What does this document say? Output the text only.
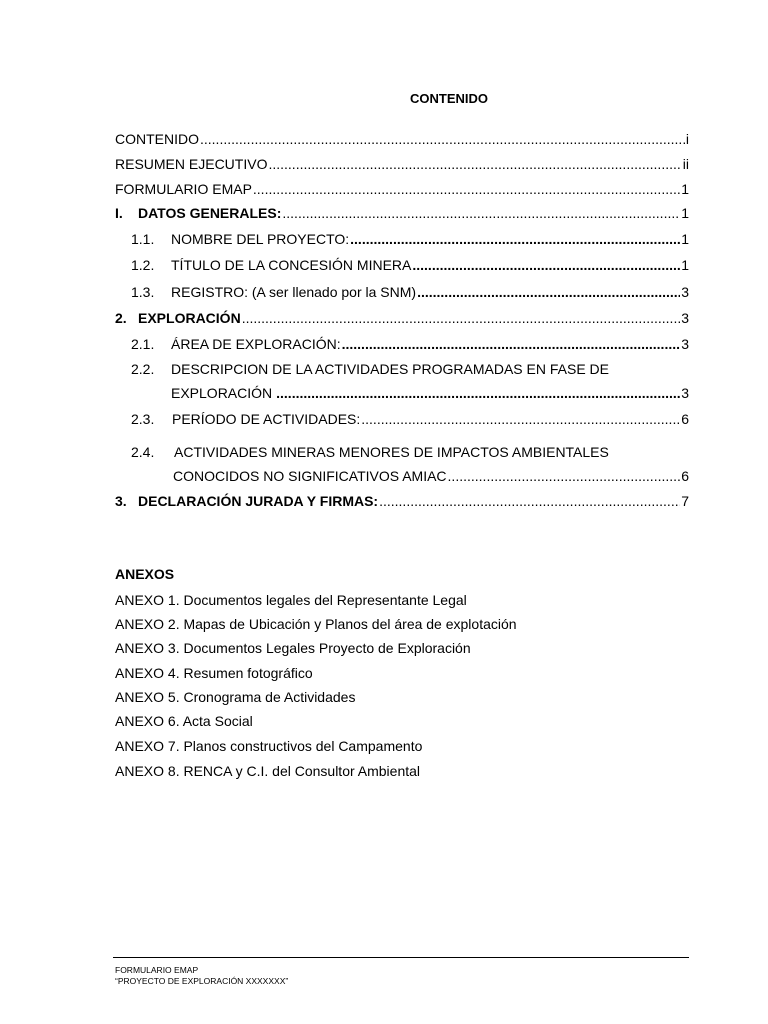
CONTENIDO
CONTENIDO .....	i
RESUMEN EJECUTIVO .....	ii
FORMULARIO EMAP .....	1
I.	DATOS GENERALES: .....	1
1.1.	NOMBRE DEL PROYECTO: .....	1
1.2.	TÍTULO DE LA CONCESIÓN MINERA .....	1
1.3.	REGISTRO: (A ser llenado por la SNM) .....	3
2. EXPLORACIÓN .....	3
2.1.	ÁREA DE EXPLORACIÓN: .....	3
2.2. DESCRIPCION DE LA ACTIVIDADES PROGRAMADAS EN FASE DE
EXPLORACIÓN .....	3
2.3.	PERÍODO DE ACTIVIDADES: .....	6
2.4. ACTIVIDADES MINERAS MENORES DE IMPACTOS AMBIENTALES
CONOCIDOS NO SIGNIFICATIVOS AMIAC .....	6
3. DECLARACIÓN JURADA Y FIRMAS: .....	7
ANEXOS
ANEXO 1. Documentos legales del Representante Legal
ANEXO 2. Mapas de Ubicación y Planos del área de explotación
ANEXO 3. Documentos Legales Proyecto de Exploración
ANEXO 4. Resumen fotográfico
ANEXO 5. Cronograma de Actividades
ANEXO 6. Acta Social
ANEXO 7. Planos constructivos del Campamento
ANEXO 8. RENCA y C.I. del Consultor Ambiental
FORMULARIO EMAP
“PROYECTO DE EXPLORACIÓN XXXXXXX”
